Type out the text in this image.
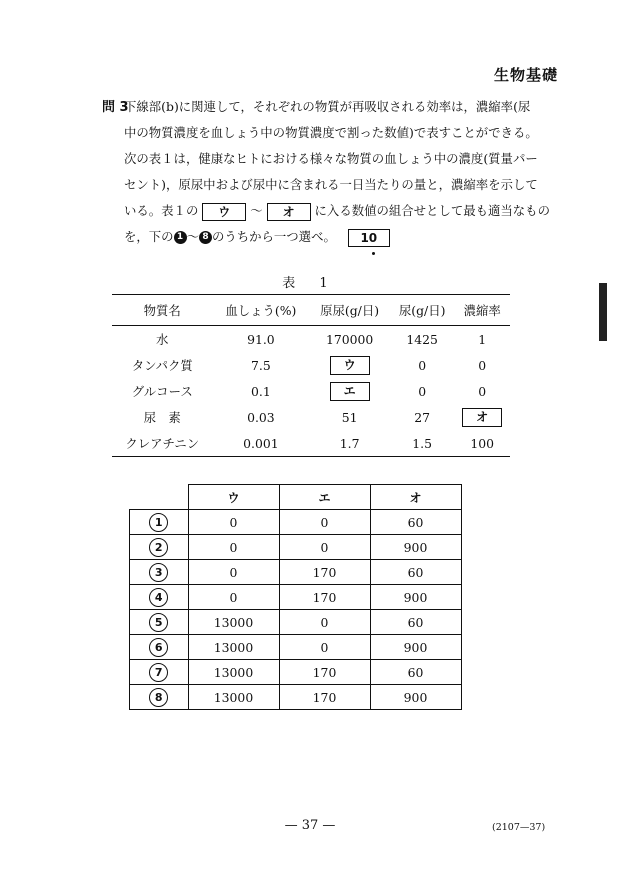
生物基礎
問 3
下線部(b)に関連して，それぞれの物質が再吸収される効率は，濃縮率(尿
中の物質濃度を血しょう中の物質濃度で割った数値)で表すことができる。
次の表１は，健康なヒトにおける様々な物質の血しょう中の濃度(質量パー
セント)，原尿中および尿中に含まれる一日当たりの量と，濃縮率を示して
いる。表１の ウ 〜 オ に入る数値の組合せとして最も適当なもの
を，下の 1 〜 8 のうちから一つ選べ。 10
表 1
物質名	血しょう(%)	原尿(g/日)	尿(g/日)	濃縮率
水	91.0	170000	1425	1
タンパク質	7.5	ウ	0	0
グルコース	0.1	エ	0	0
尿　素	0.03	51	27	オ
クレアチニン	0.001	1.7	1.5	100
	ウ	エ	オ
1	0	0	60
2	0	0	900
3	0	170	60
4	0	170	900
5	13000	0	60
6	13000	0	900
7	13000	170	60
8	13000	170	900
— 37 —	(2107—37)
